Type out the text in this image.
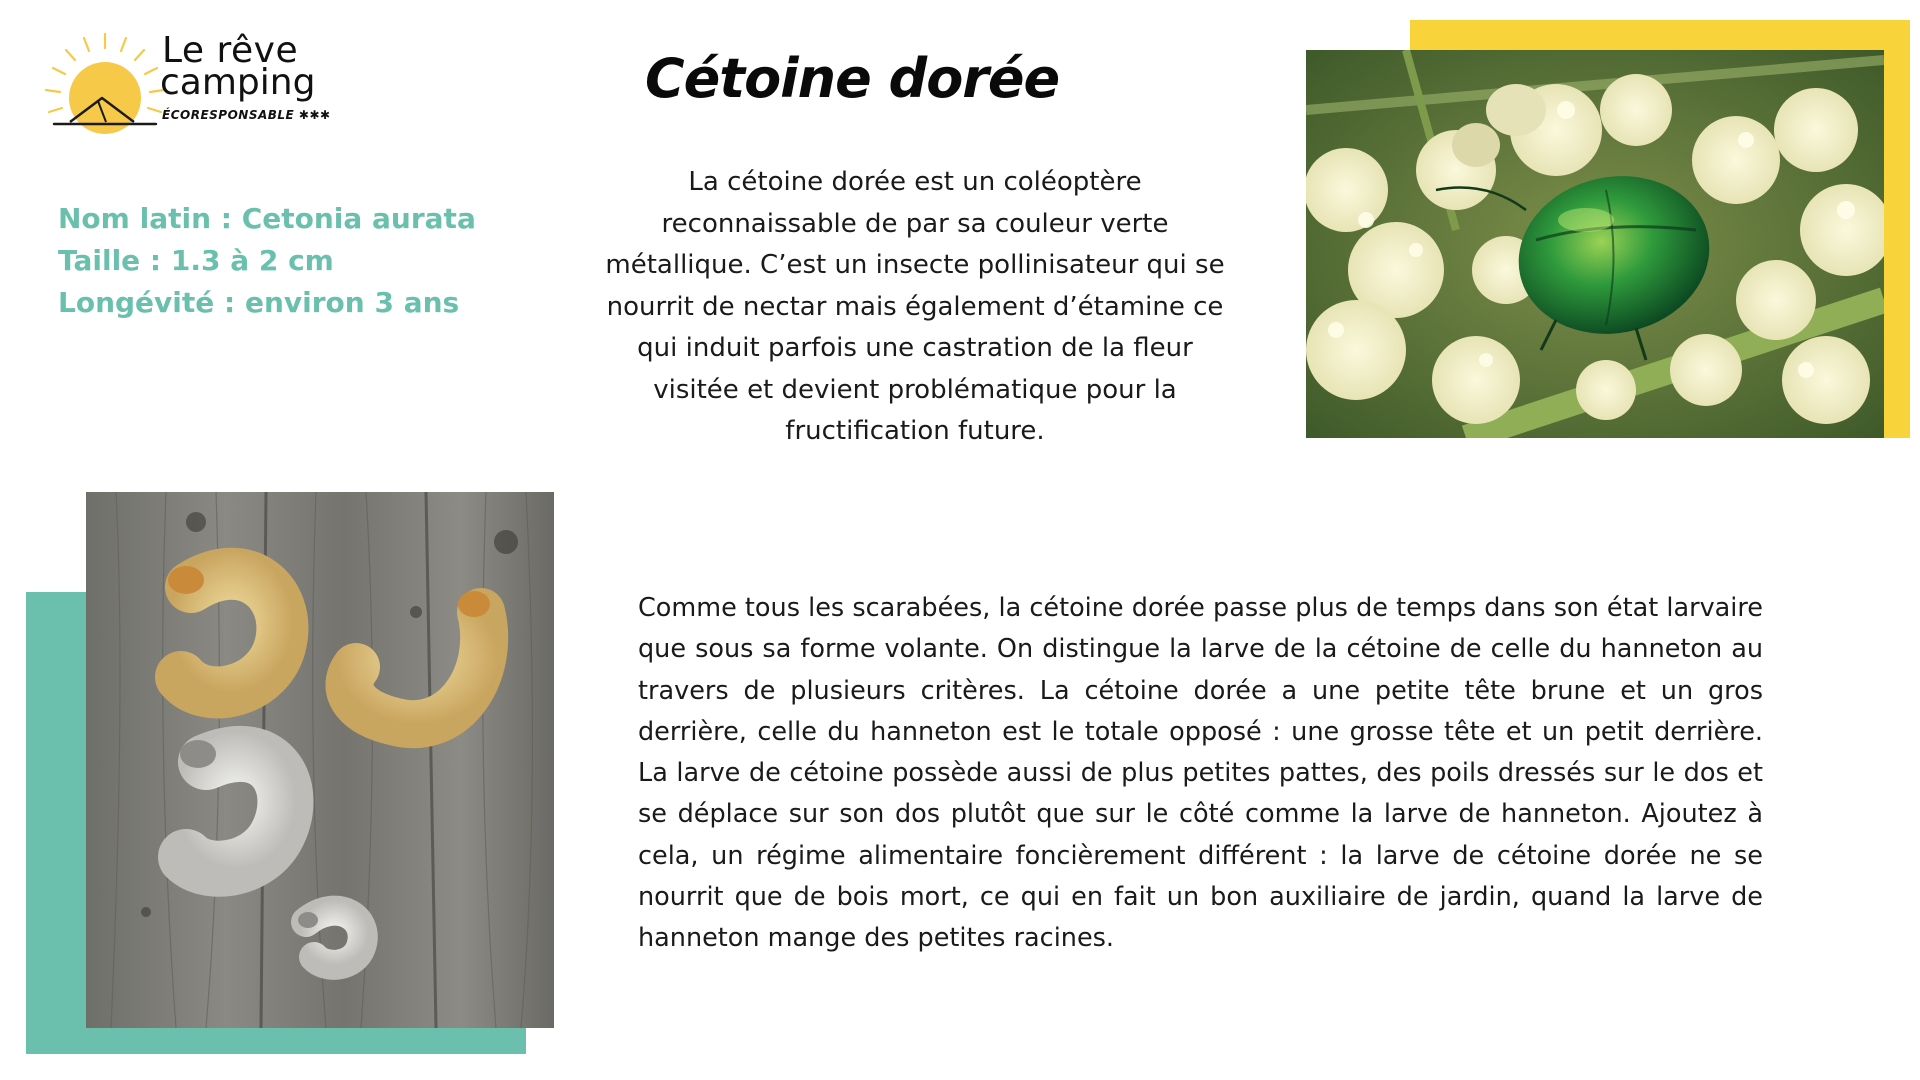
Le rêve
camping
ÉCORESPONSABLE ✱✱✱
Cétoine dorée
Nom latin : Cetonia aurata
Taille : 1.3 à 2 cm
Longévité : environ 3 ans

La cétoine dorée est un coléoptère reconnaissable de par sa couleur verte métallique. C’est un insecte pollinisateur qui se nourrit de nectar mais également d’étamine ce qui induit parfois une castration de la fleur visitée et devient problématique pour la fructification future.

Comme tous les scarabées, la cétoine dorée passe plus de temps dans son état larvaire que sous sa forme volante. On distingue la larve de la cétoine de celle du hanneton au travers de plusieurs critères. La cétoine dorée a une petite tête brune et un gros derrière, celle du hanneton est le totale opposé : une grosse tête et un petit derrière. La larve de cétoine possède aussi de plus petites pattes, des poils dressés sur le dos et se déplace sur son dos plutôt que sur le côté comme la larve de hanneton. Ajoutez à cela, un régime alimentaire foncièrement différent : la larve de cétoine dorée ne se nourrit que de bois mort, ce qui en fait un bon auxiliaire de jardin, quand la larve de hanneton mange des petites racines.
